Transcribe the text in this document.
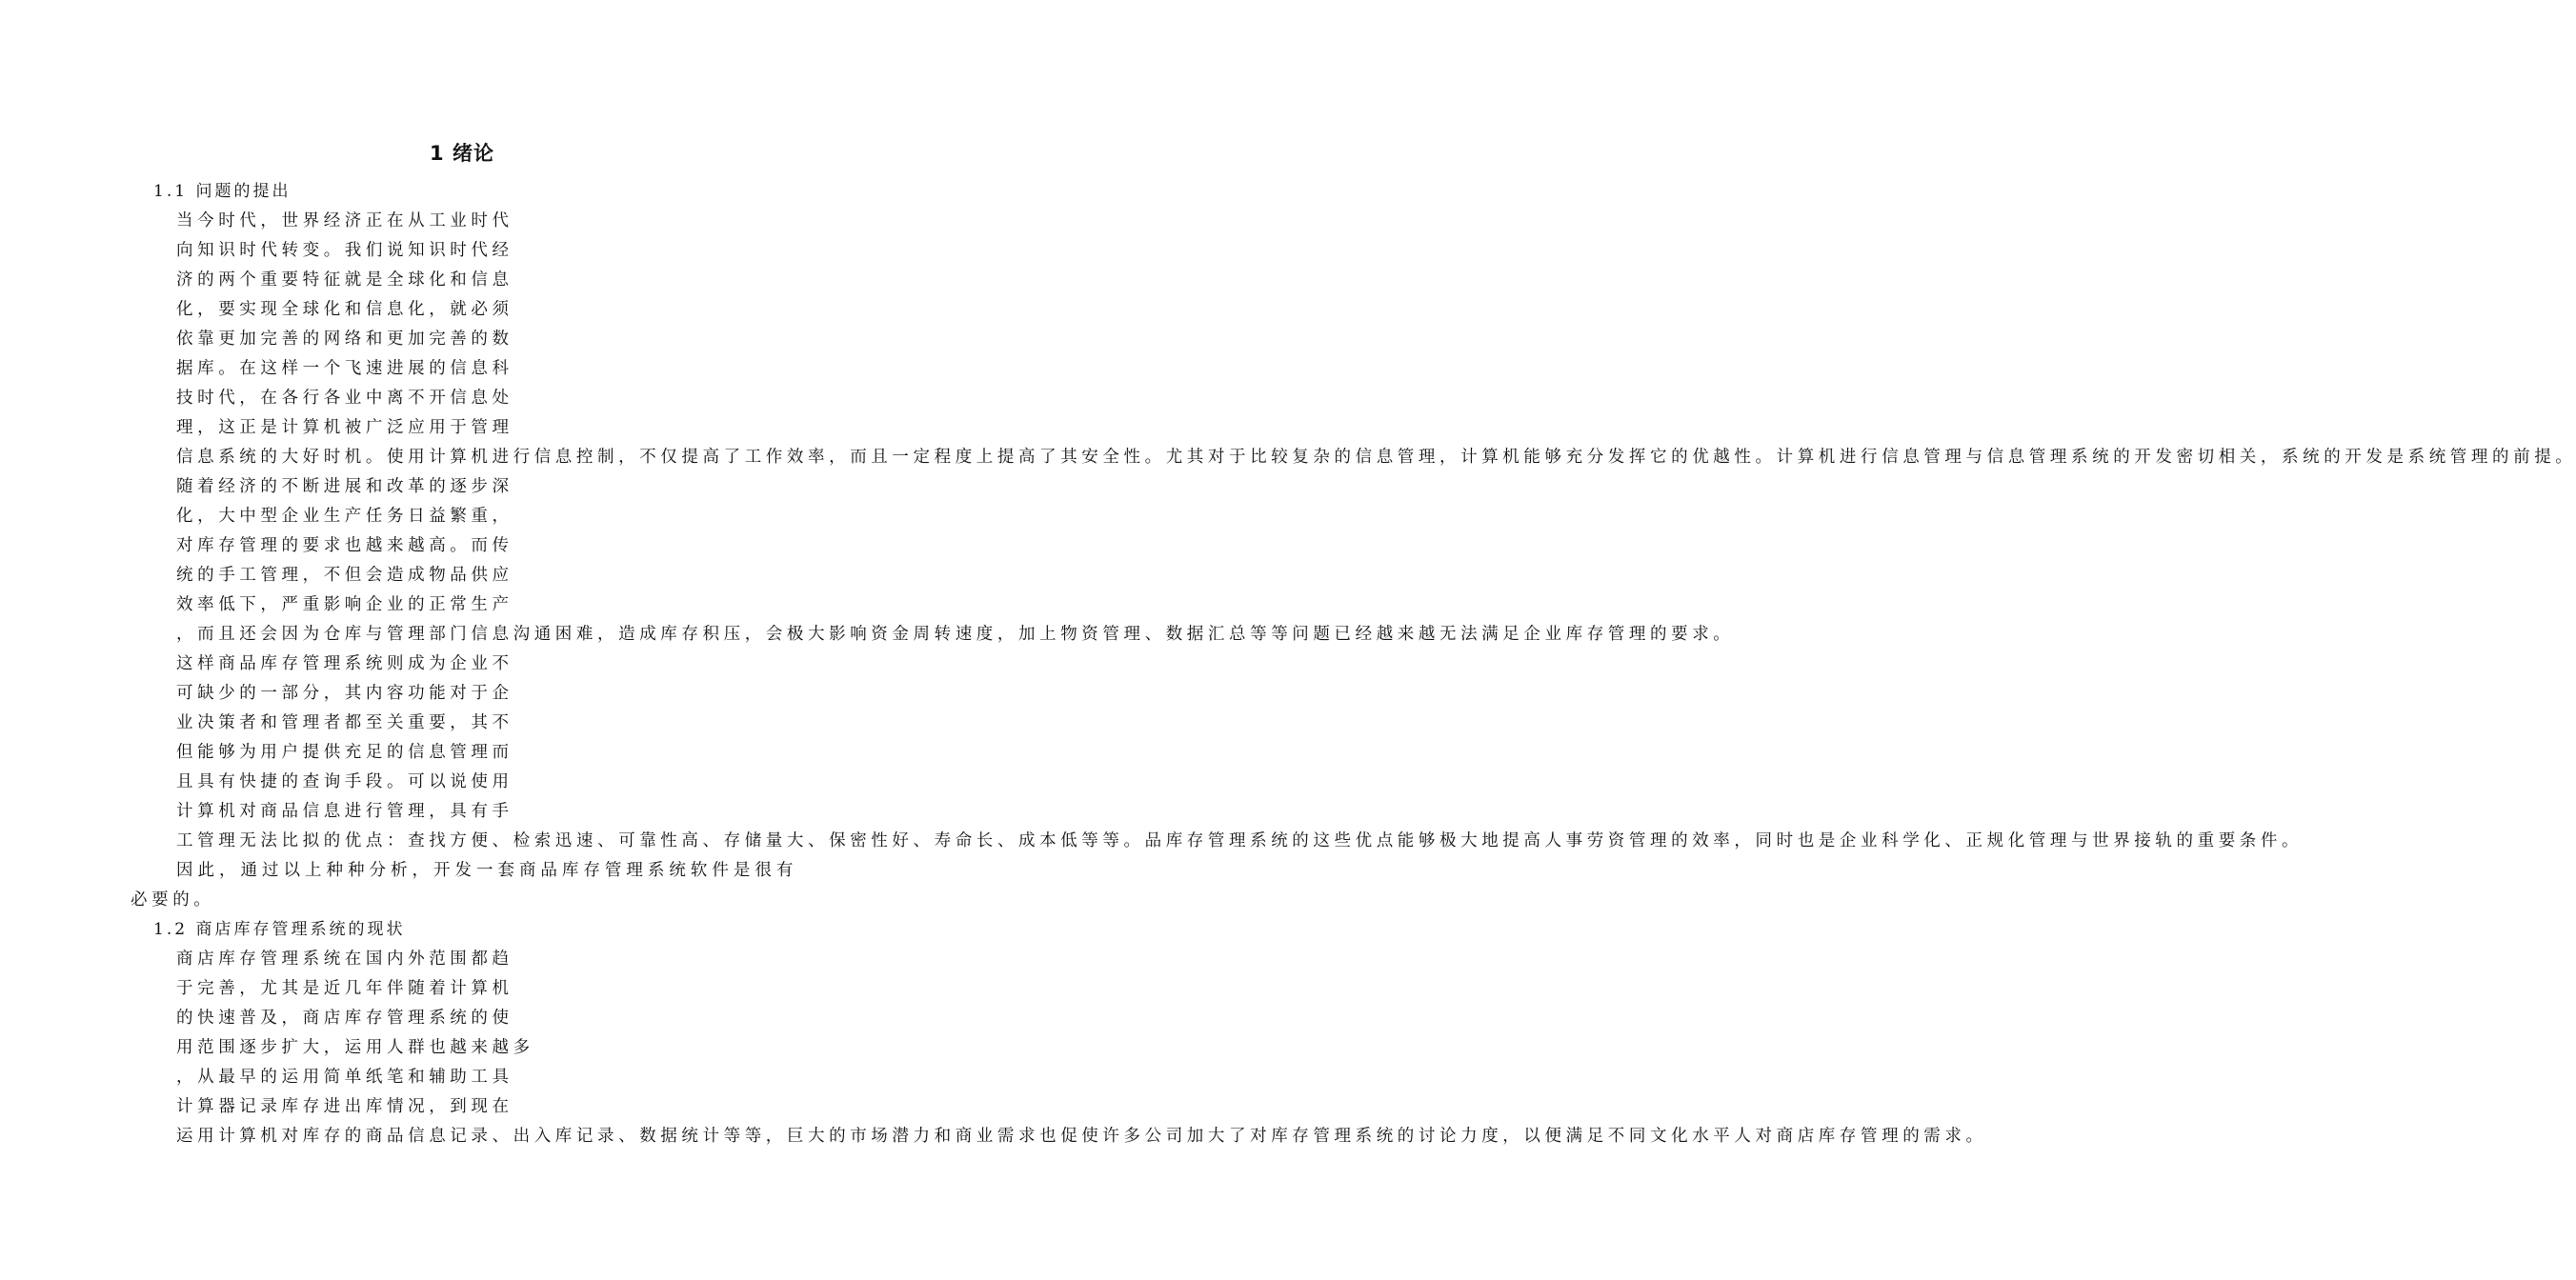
1 绪论
1.1 问题的提出

当今时代，世界经济正在从工业时代
向知识时代转变。我们说知识时代经
济的两个重要特征就是全球化和信息
化，要实现全球化和信息化，就必须
依靠更加完善的网络和更加完善的数
据库。在这样一个飞速进展的信息科
技时代，在各行各业中离不开信息处
理，这正是计算机被广泛应用于管理
信息系统的大好时机。使用计算机进行信息控制，不仅提高了工作效率，而且一定程度上提高了其安全性。尤其对于比较复杂的信息管理，计算机能够充分发挥它的优越性。计算机进行信息管理与信息管理系统的开发密切相关，系统的开发是系统管理的前提。

随着经济的不断进展和改革的逐步深
化，大中型企业生产任务日益繁重，
对库存管理的要求也越来越高。而传
统的手工管理，不但会造成物品供应
效率低下，严重影响企业的正常生产
，而且还会因为仓库与管理部门信息沟通困难，造成库存积压，会极大影响资金周转速度，加上物资管理、数据汇总等等问题已经越来越无法满足企业库存管理的要求。

这样商品库存管理系统则成为企业不
可缺少的一部分，其内容功能对于企
业决策者和管理者都至关重要，其不
但能够为用户提供充足的信息管理而
且具有快捷的查询手段。可以说使用
计算机对商品信息进行管理，具有手
工管理无法比拟的优点：查找方便、检索迅速、可靠性高、存储量大、保密性好、寿命长、成本低等等。品库存管理系统的这些优点能够极大地提高人事劳资管理的效率，同时也是企业科学化、正规化管理与世界接轨的重要条件。

因此，通过以上种种分析，开发一套商品库存管理系统软件是很有必要的。

1.2 商店库存管理系统的现状

商店库存管理系统在国内外范围都趋
于完善，尤其是近几年伴随着计算机
的快速普及，商店库存管理系统的使
用范围逐步扩大，运用人群也越来越多
，从最早的运用简单纸笔和辅助工具
计算器记录库存进出库情况，到现在
运用计算机对库存的商品信息记录、出入库记录、数据统计等等，巨大的市场潜力和商业需求也促使许多公司加大了对库存管理系统的讨论力度，以便满足不同文化水平人对商店库存管理的需求。
